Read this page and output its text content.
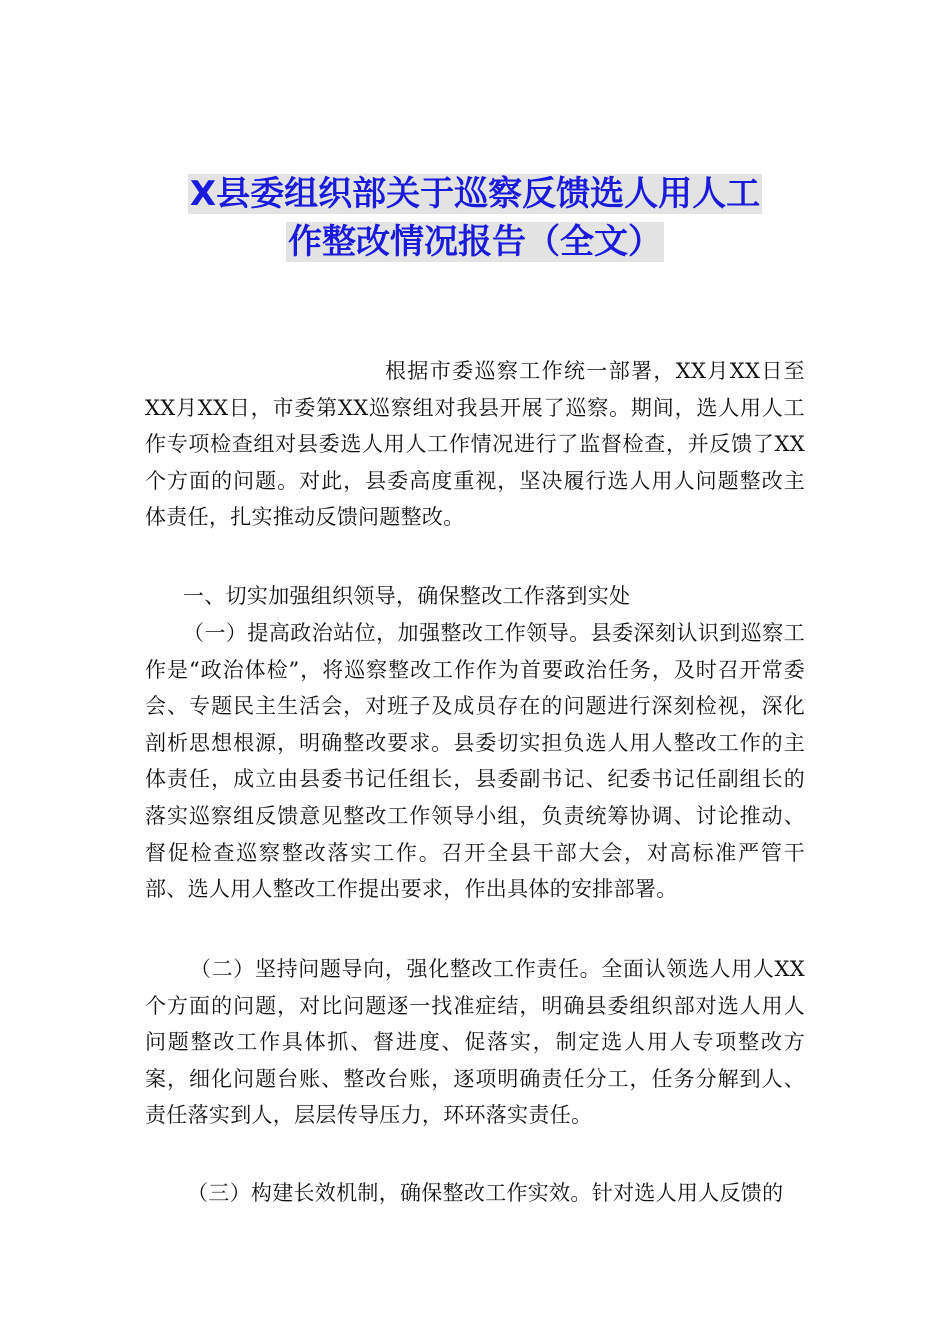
X县委组织部关于巡察反馈选人用人工
作整改情况报告（全文）

根据市委巡察工作统一部署，XX月XX日至XX月XX日，市委第XX巡察组对我县开展了巡察。期间，选人用人工作专项检查组对县委选人用人工作情况进行了监督检查，并反馈了XX个方面的问题。对此，县委高度重视，坚决履行选人用人问题整改主体责任，扎实推动反馈问题整改。

一、切实加强组织领导，确保整改工作落到实处

（一）提高政治站位，加强整改工作领导。县委深刻认识到巡察工作是“政治体检”，将巡察整改工作作为首要政治任务，及时召开常委会、专题民主生活会，对班子及成员存在的问题进行深刻检视，深化剖析思想根源，明确整改要求。县委切实担负选人用人整改工作的主体责任，成立由县委书记任组长，县委副书记、纪委书记任副组长的落实巡察组反馈意见整改工作领导小组，负责统筹协调、讨论推动、督促检查巡察整改落实工作。召开全县干部大会，对高标准严管干部、选人用人整改工作提出要求，作出具体的安排部署。

（二）坚持问题导向，强化整改工作责任。全面认领选人用人XX个方面的问题，对比问题逐一找准症结，明确县委组织部对选人用人问题整改工作具体抓、督进度、促落实，制定选人用人专项整改方案，细化问题台账、整改台账，逐项明确责任分工，任务分解到人、责任落实到人，层层传导压力，环环落实责任。

（三）构建长效机制，确保整改工作实效。针对选人用人反馈的
